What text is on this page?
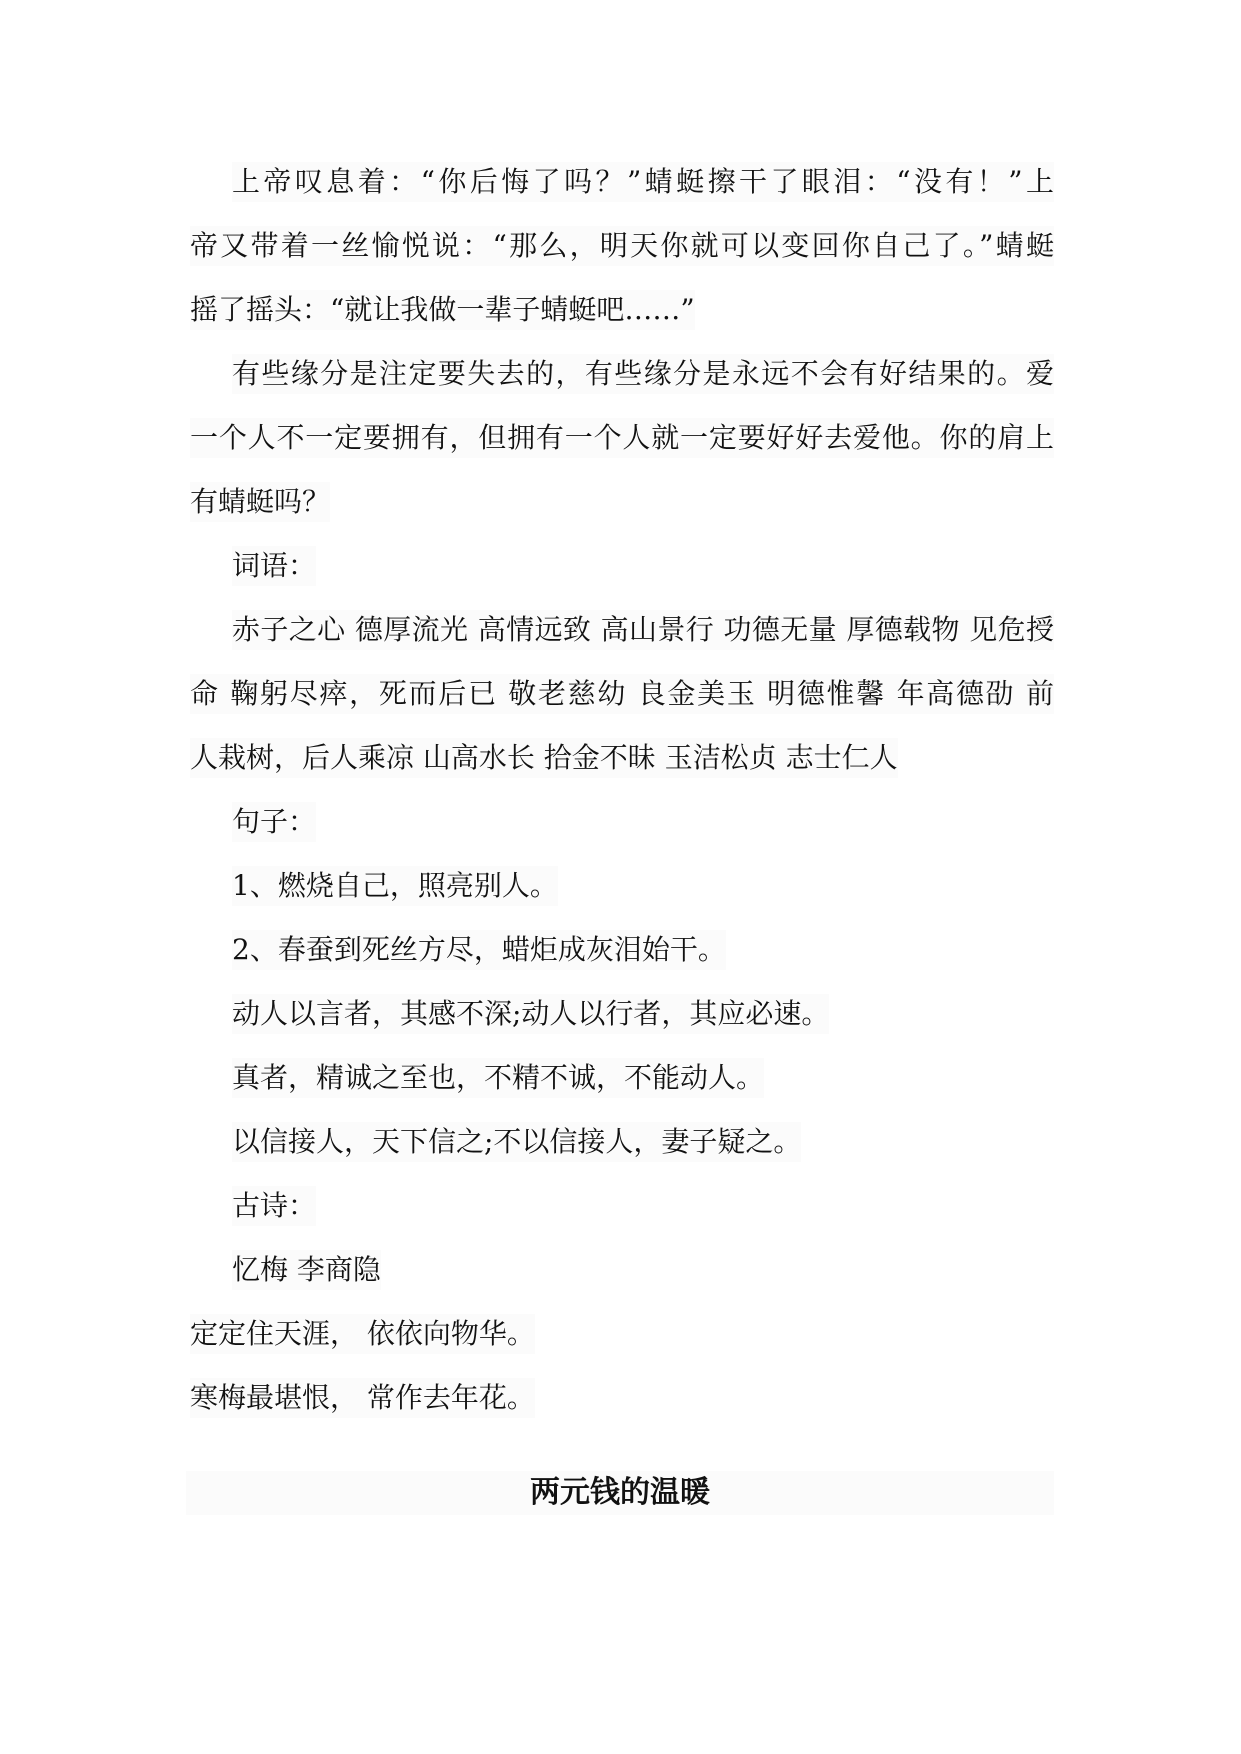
上帝叹息着：“你后悔了吗？”蜻蜓擦干了眼泪：“没有！”上
帝又带着一丝愉悦说：“那么，明天你就可以变回你自己了。”蜻蜓
摇了摇头：“就让我做一辈子蜻蜓吧……”
有些缘分是注定要失去的，有些缘分是永远不会有好结果的。爱
一个人不一定要拥有，但拥有一个人就一定要好好去爱他。你的肩上
有蜻蜓吗？
词语：
赤子之心 德厚流光 高情远致 高山景行 功德无量 厚德载物 见危授
命 鞠躬尽瘁，死而后已 敬老慈幼 良金美玉 明德惟馨 年高德劭 前
人栽树，后人乘凉 山高水长 拾金不昧 玉洁松贞 志士仁人
句子：
1、燃烧自己，照亮别人。
2、春蚕到死丝方尽，蜡炬成灰泪始干。
动人以言者，其感不深;动人以行者，其应必速。
真者，精诚之至也，不精不诚，不能动人。
以信接人，天下信之;不以信接人，妻子疑之。
古诗：
忆梅 李商隐
定定住天涯， 依依向物华。
寒梅最堪恨， 常作去年花。
两元钱的温暖
